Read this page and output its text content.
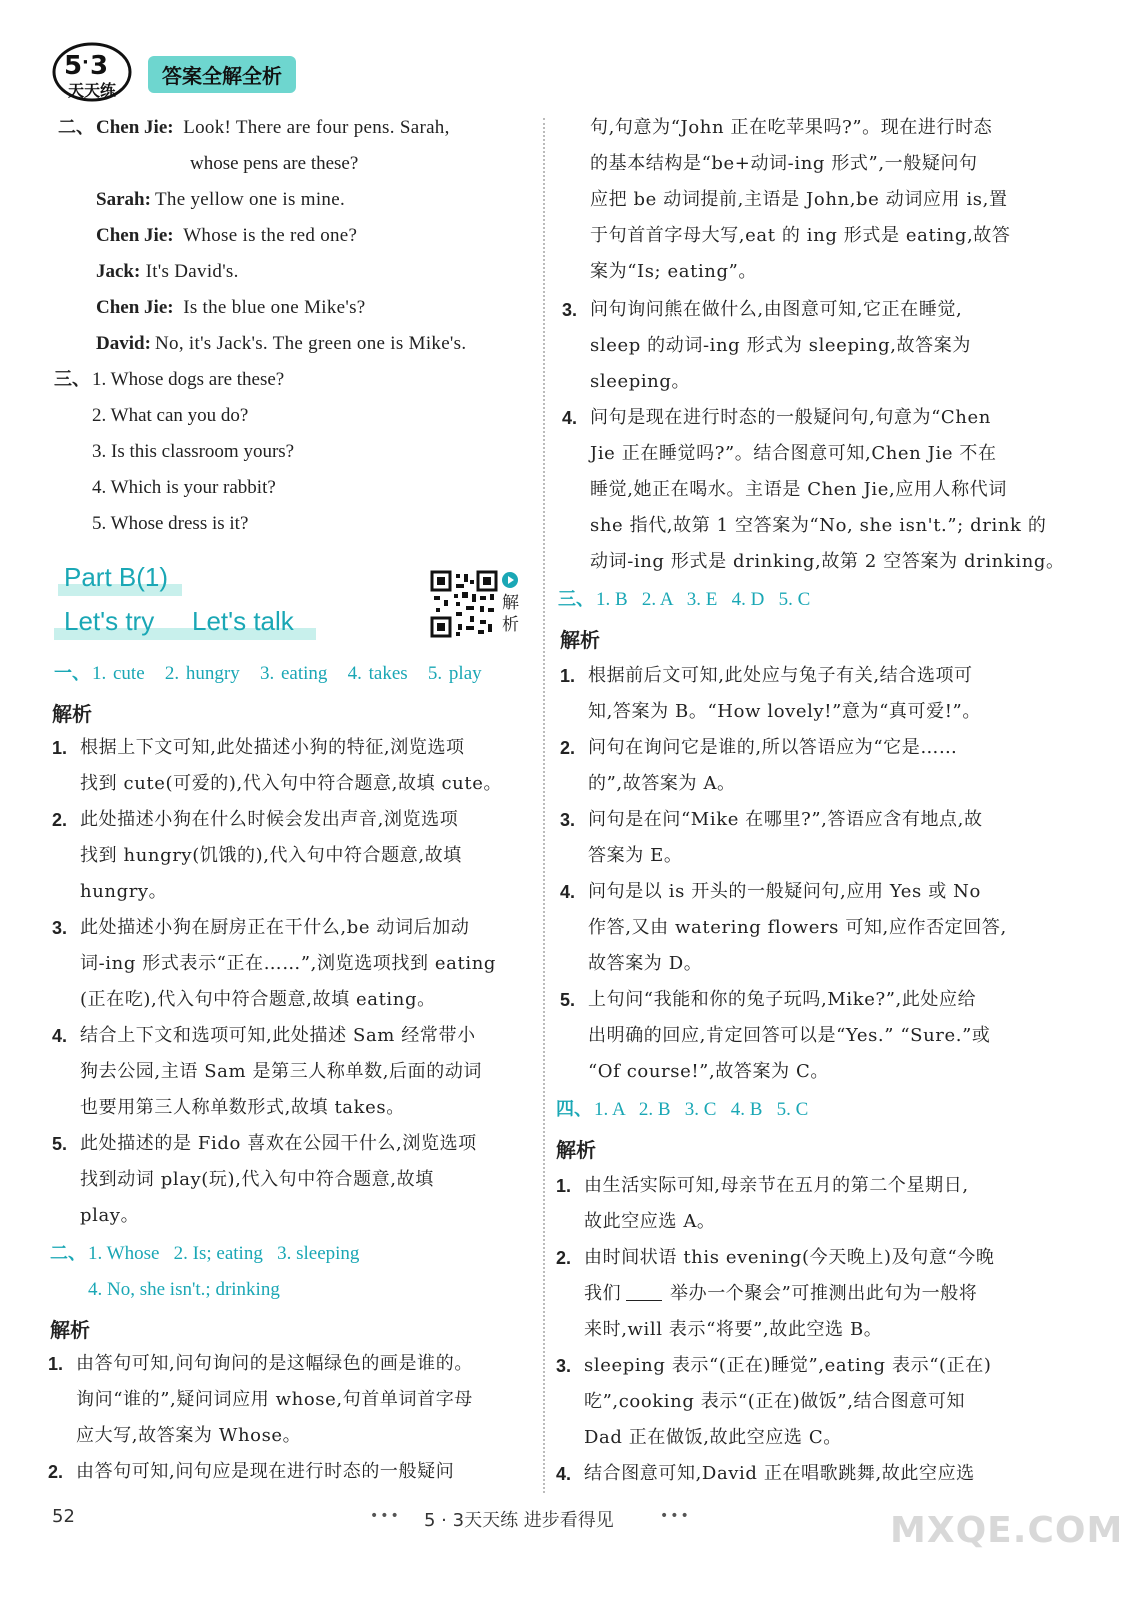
5 · 3
天天练
答案全解全析
解析
52	••• 5 · 3天天练 进步看得见	•••	MXQE.COM
二、 Chen Jie: Look! There are four pens. Sarah,
whose pens are these?
Sarah: The yellow one is mine.
Chen Jie: Whose is the red one?
Jack: It's David's.
Chen Jie: Is the blue one Mike's?
David: No, it's Jack's. The green one is Mike's.
三、 1. Whose dogs are these?
2. What can you do?
3. Is this classroom yours?
4. Which is your rabbit?
5. Whose dress is it?
Part B(1)
Let's try Let's talk
一、 1. cute   2. hungry   3. eating   4. takes   5. play
解析
1. 根据上下文可知,此处描述小狗的特征,浏览选项
找到 cute(可爱的),代入句中符合题意,故填 cute。
2. 此处描述小狗在什么时候会发出声音,浏览选项
找到 hungry(饥饿的),代入句中符合题意,故填
hungry。
3. 此处描述小狗在厨房正在干什么,be 动词后加动
词-ing 形式表示“正在……”,浏览选项找到 eating
(正在吃),代入句中符合题意,故填 eating。
4. 结合上下文和选项可知,此处描述 Sam 经常带小
狗去公园,主语 Sam 是第三人称单数,后面的动词
也要用第三人称单数形式,故填 takes。
5. 此处描述的是 Fido 喜欢在公园干什么,浏览选项
找到动词 play(玩),代入句中符合题意,故填
play。
二、 1. Whose   2. Is; eating   3. sleeping
4. No, she isn't.; drinking
解析
1. 由答句可知,问句询问的是这幅绿色的画是谁的。
询问“谁的”,疑问词应用 whose,句首单词首字母
应大写,故答案为 Whose。
2. 由答句可知,问句应是现在进行时态的一般疑问
句,句意为“John 正在吃苹果吗?”。现在进行时态
的基本结构是“be+动词-ing 形式”,一般疑问句
应把 be 动词提前,主语是 John,be 动词应用 is,置
于句首首字母大写,eat 的 ing 形式是 eating,故答
案为“Is; eating”。
3. 问句询问熊在做什么,由图意可知,它正在睡觉,
sleep 的动词-ing 形式为 sleeping,故答案为
sleeping。
4. 问句是现在进行时态的一般疑问句,句意为“Chen
Jie 正在睡觉吗?”。结合图意可知,Chen Jie 不在
睡觉,她正在喝水。主语是 Chen Jie,应用人称代词
she 指代,故第 1 空答案为“No, she isn't.”; drink 的
动词-ing 形式是 drinking,故第 2 空答案为 drinking。
三、 1. B   2. A   3. E   4. D   5. C
解析
1. 根据前后文可知,此处应与兔子有关,结合选项可
知,答案为 B。“How lovely!”意为“真可爱!”。
2. 问句在询问它是谁的,所以答语应为“它是……
的”,故答案为 A。
3. 问句是在问“Mike 在哪里?”,答语应含有地点,故
答案为 E。
4. 问句是以 is 开头的一般疑问句,应用 Yes 或 No
作答,又由 watering flowers 可知,应作否定回答,
故答案为 D。
5. 上句问“我能和你的兔子玩吗,Mike?”,此处应给
出明确的回应,肯定回答可以是“Yes.” “Sure.”或
“Of course!”,故答案为 C。
四、 1. A   2. B   3. C   4. B   5. C
解析
1. 由生活实际可知,母亲节在五月的第二个星期日,
故此空应选 A。
2. 由时间状语 this evening(今天晚上)及句意“今晚
我们	举办一个聚会”可推测出此句为一般将
来时,will 表示“将要”,故此空选 B。
3. sleeping 表示“(正在)睡觉”,eating 表示“(正在)
吃”,cooking 表示“(正在)做饭”,结合图意可知
Dad 正在做饭,故此空应选 C。
4. 结合图意可知,David 正在唱歌跳舞,故此空应选
